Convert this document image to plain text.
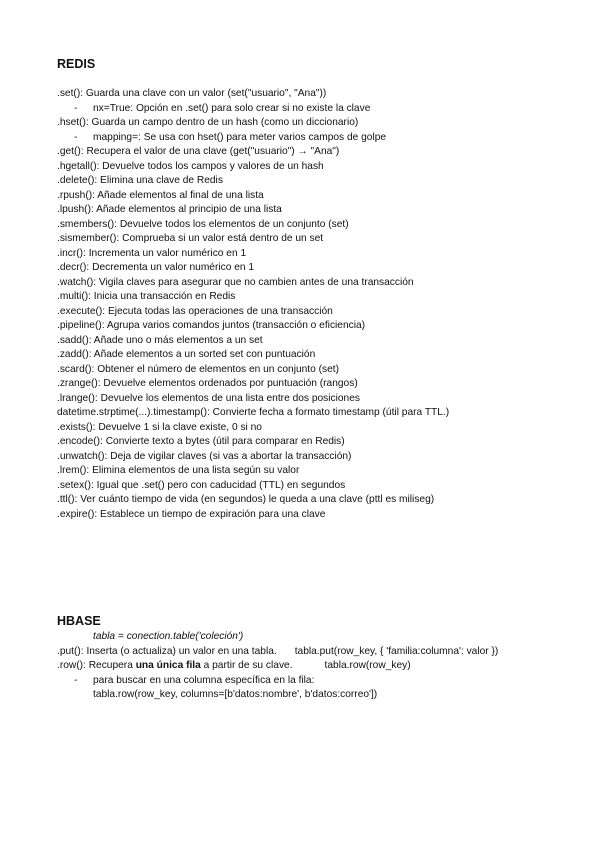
REDIS
.set(): Guarda una clave con un valor (set("usuario", "Ana"))
- nx=True: Opción en .set() para solo crear si no existe la clave
.hset(): Guarda un campo dentro de un hash (como un diccionario)
- mapping=: Se usa con hset() para meter varios campos de golpe
.get(): Recupera el valor de una clave (get("usuario") → "Ana")
.hgetall(): Devuelve todos los campos y valores de un hash
.delete(): Elimina una clave de Redis
.rpush(): Añade elementos al final de una lista
.lpush(): Añade elementos al principio de una lista
.smembers(): Devuelve todos los elementos de un conjunto (set)
.sismember(): Comprueba si un valor está dentro de un set
.incr(): Incrementa un valor numérico en 1
.decr(): Decrementa un valor numérico en 1
.watch(): Vigila claves para asegurar que no cambien antes de una transacción
.multi(): Inicia una transacción en Redis
.execute(): Ejecuta todas las operaciones de una transacción
.pipeline(): Agrupa varios comandos juntos (transacción o eficiencia)
.sadd(): Añade uno o más elementos a un set
.zadd(): Añade elementos a un sorted set con puntuación
.scard(): Obtener el número de elementos en un conjunto (set)
.zrange(): Devuelve elementos ordenados por puntuación (rangos)
.lrange(): Devuelve los elementos de una lista entre dos posiciones
datetime.strptime(...).timestamp(): Convierte fecha a formato timestamp (útil para TTL.)
.exists(): Devuelve 1 si la clave existe, 0 si no
.encode(): Convierte texto a bytes (útil para comparar en Redis)
.unwatch(): Deja de vigilar claves (si vas a abortar la transacción)
.lrem(): Elimina elementos de una lista según su valor
.setex(): Igual que .set() pero con caducidad (TTL) en segundos
.ttl(): Ver cuánto tiempo de vida (en segundos) le queda a una clave (pttl es miliseg)
.expire(): Establece un tiempo de expiración para una clave
HBASE
tabla = conection.table('coleción')
.put(): Inserta (o actualiza) un valor en una tabla. tabla.put(row_key, { 'familia:columna': valor })
.row(): Recupera una única fila a partir de su clave.	tabla.row(row_key)
- para buscar en una columna específica en la fila:
tabla.row(row_key, columns=[b'datos:nombre', b'datos:correo'])
